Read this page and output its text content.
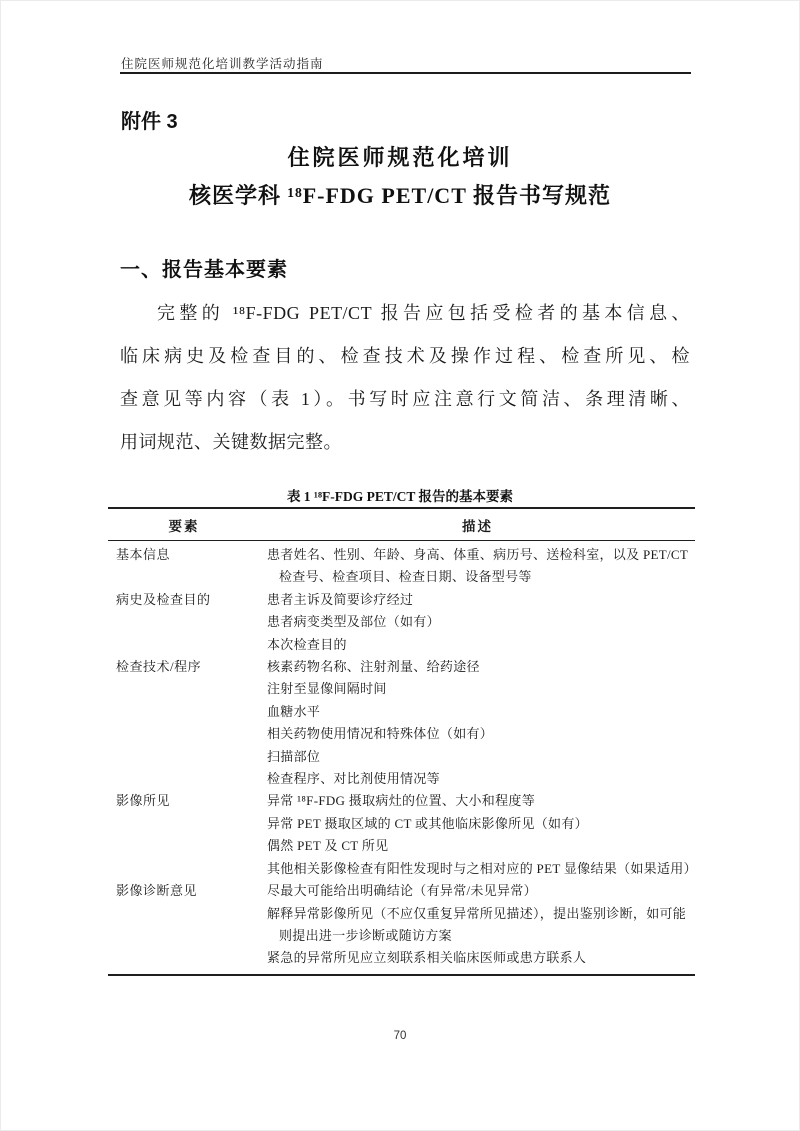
住院医师规范化培训教学活动指南
附件 3
住院医师规范化培训
核医学科 ¹⁸F-FDG PET/CT 报告书写规范
一、报告基本要素
完整的 ¹⁸F-FDG PET/CT 报告应包括受检者的基本信息、
临床病史及检查目的、检查技术及操作过程、检查所见、检
查意见等内容（表 1）。书写时应注意行文简洁、条理清晰、
用词规范、关键数据完整。
表 1 ¹⁸F-FDG PET/CT 报告的基本要素
要素	描述
基本信息	患者姓名、性别、年龄、身高、体重、病历号、送检科室，以及 PET/CT 检查号、检查项目、检查日期、设备型号等
病史及检查目的	患者主诉及简要诊疗经过
患者病变类型及部位（如有）
本次检查目的
检查技术/程序	核素药物名称、注射剂量、给药途径
注射至显像间隔时间
血糖水平
相关药物使用情况和特殊体位（如有）
扫描部位
检查程序、对比剂使用情况等
影像所见	异常 ¹⁸F-FDG 摄取病灶的位置、大小和程度等
异常 PET 摄取区域的 CT 或其他临床影像所见（如有）
偶然 PET 及 CT 所见
其他相关影像检查有阳性发现时与之相对应的 PET 显像结果（如果适用）
影像诊断意见	尽最大可能给出明确结论（有异常/未见异常）
解释异常影像所见（不应仅重复异常所见描述），提出鉴别诊断，如可能则提出进一步诊断或随访方案
紧急的异常所见应立刻联系相关临床医师或患方联系人
70
